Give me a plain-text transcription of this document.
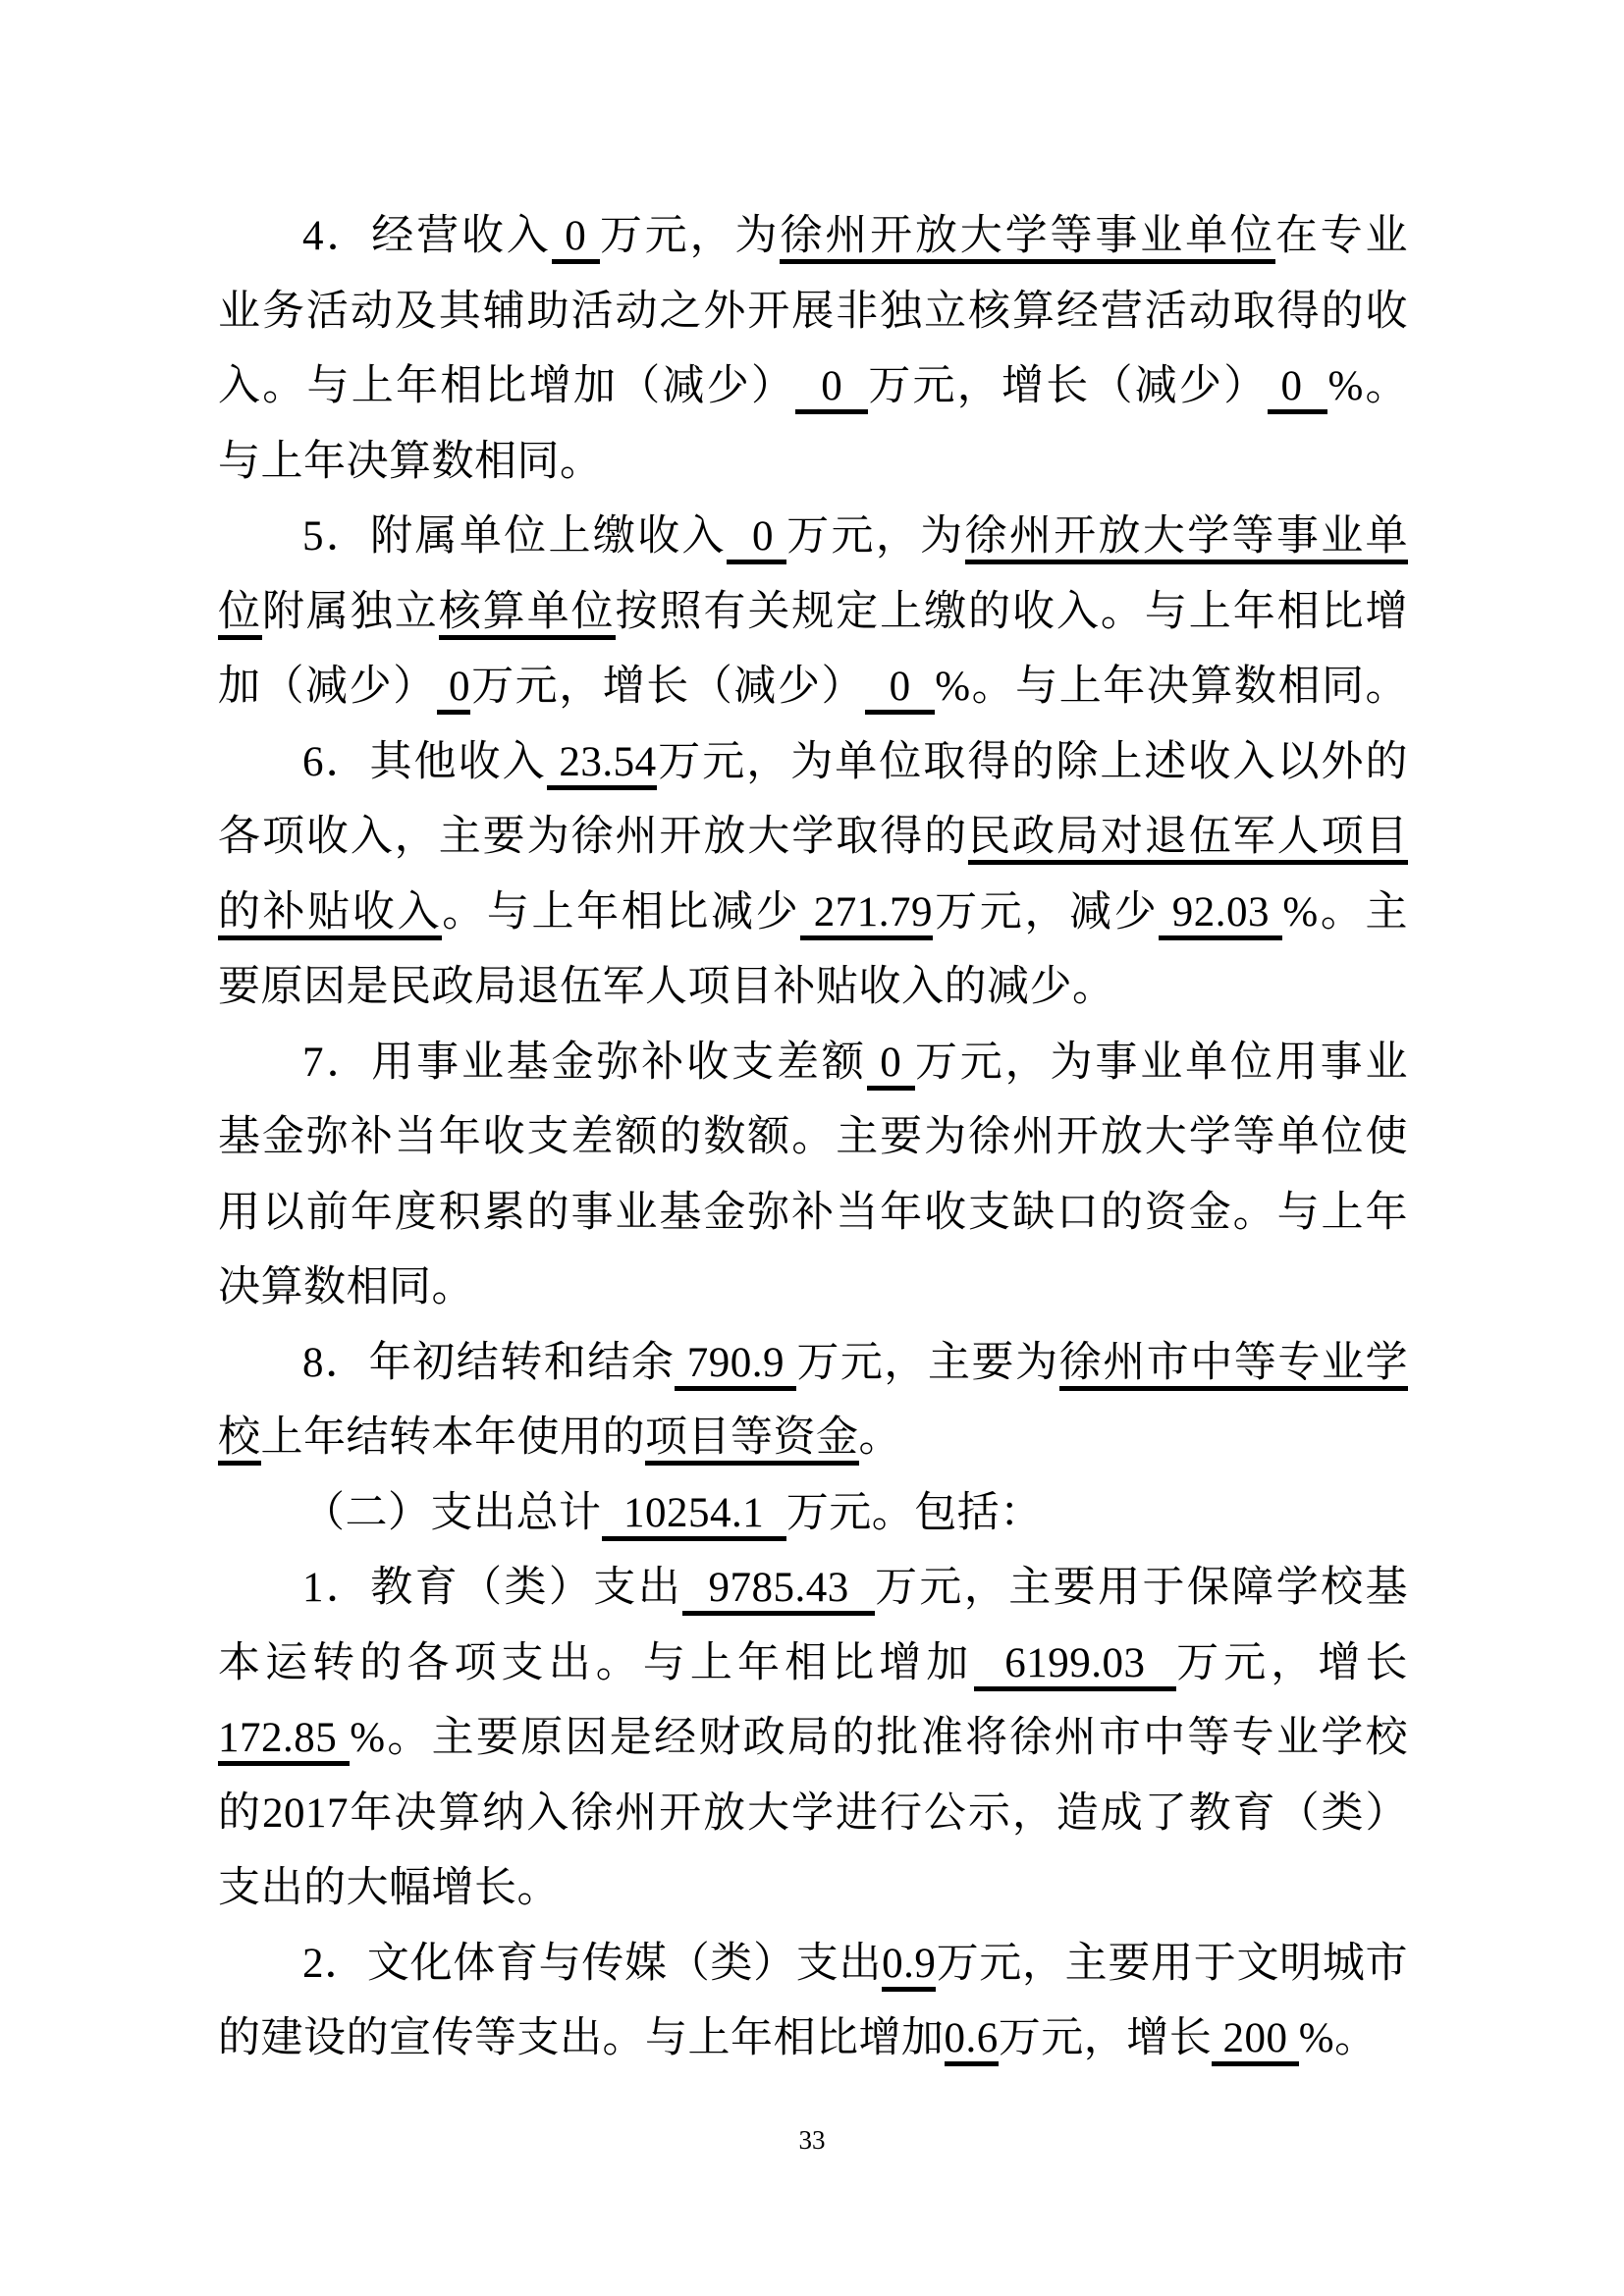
4．经营收入 0 万元，为徐州开放大学等事业单位在专业
业务活动及其辅助活动之外开展非独立核算经营活动取得的收
入。与上年相比增加（减少）  0  万元，增长（减少） 0  %。
与上年决算数相同。
5．附属单位上缴收入  0 万元，为徐州开放大学等事业单
位附属独立核算单位按照有关规定上缴的收入。与上年相比增
加（减少） 0万元，增长（减少）  0  %。与上年决算数相同。
6．其他收入 23.54万元，为单位取得的除上述收入以外的
各项收入，主要为徐州开放大学取得的民政局对退伍军人项目
的补贴收入。与上年相比减少 271.79万元，减少 92.03 %。主
要原因是民政局退伍军人项目补贴收入的减少。
7．用事业基金弥补收支差额 0 万元，为事业单位用事业
基金弥补当年收支差额的数额。主要为徐州开放大学等单位使
用以前年度积累的事业基金弥补当年收支缺口的资金。与上年
决算数相同。
8．年初结转和结余 790.9 万元，主要为徐州市中等专业学
校上年结转本年使用的项目等资金。
（二）支出总计  10254.1  万元。包括：
1．教育（类）支出  9785.43  万元，主要用于保障学校基
本运转的各项支出。与上年相比增加  6199.03  万元，增长
172.85 %。主要原因是经财政局的批准将徐州市中等专业学校
的2017年决算纳入徐州开放大学进行公示，造成了教育（类）
支出的大幅增长。
2．文化体育与传媒（类）支出0.9万元，主要用于文明城市
的建设的宣传等支出。与上年相比增加0.6万元，增长 200 %。
33
